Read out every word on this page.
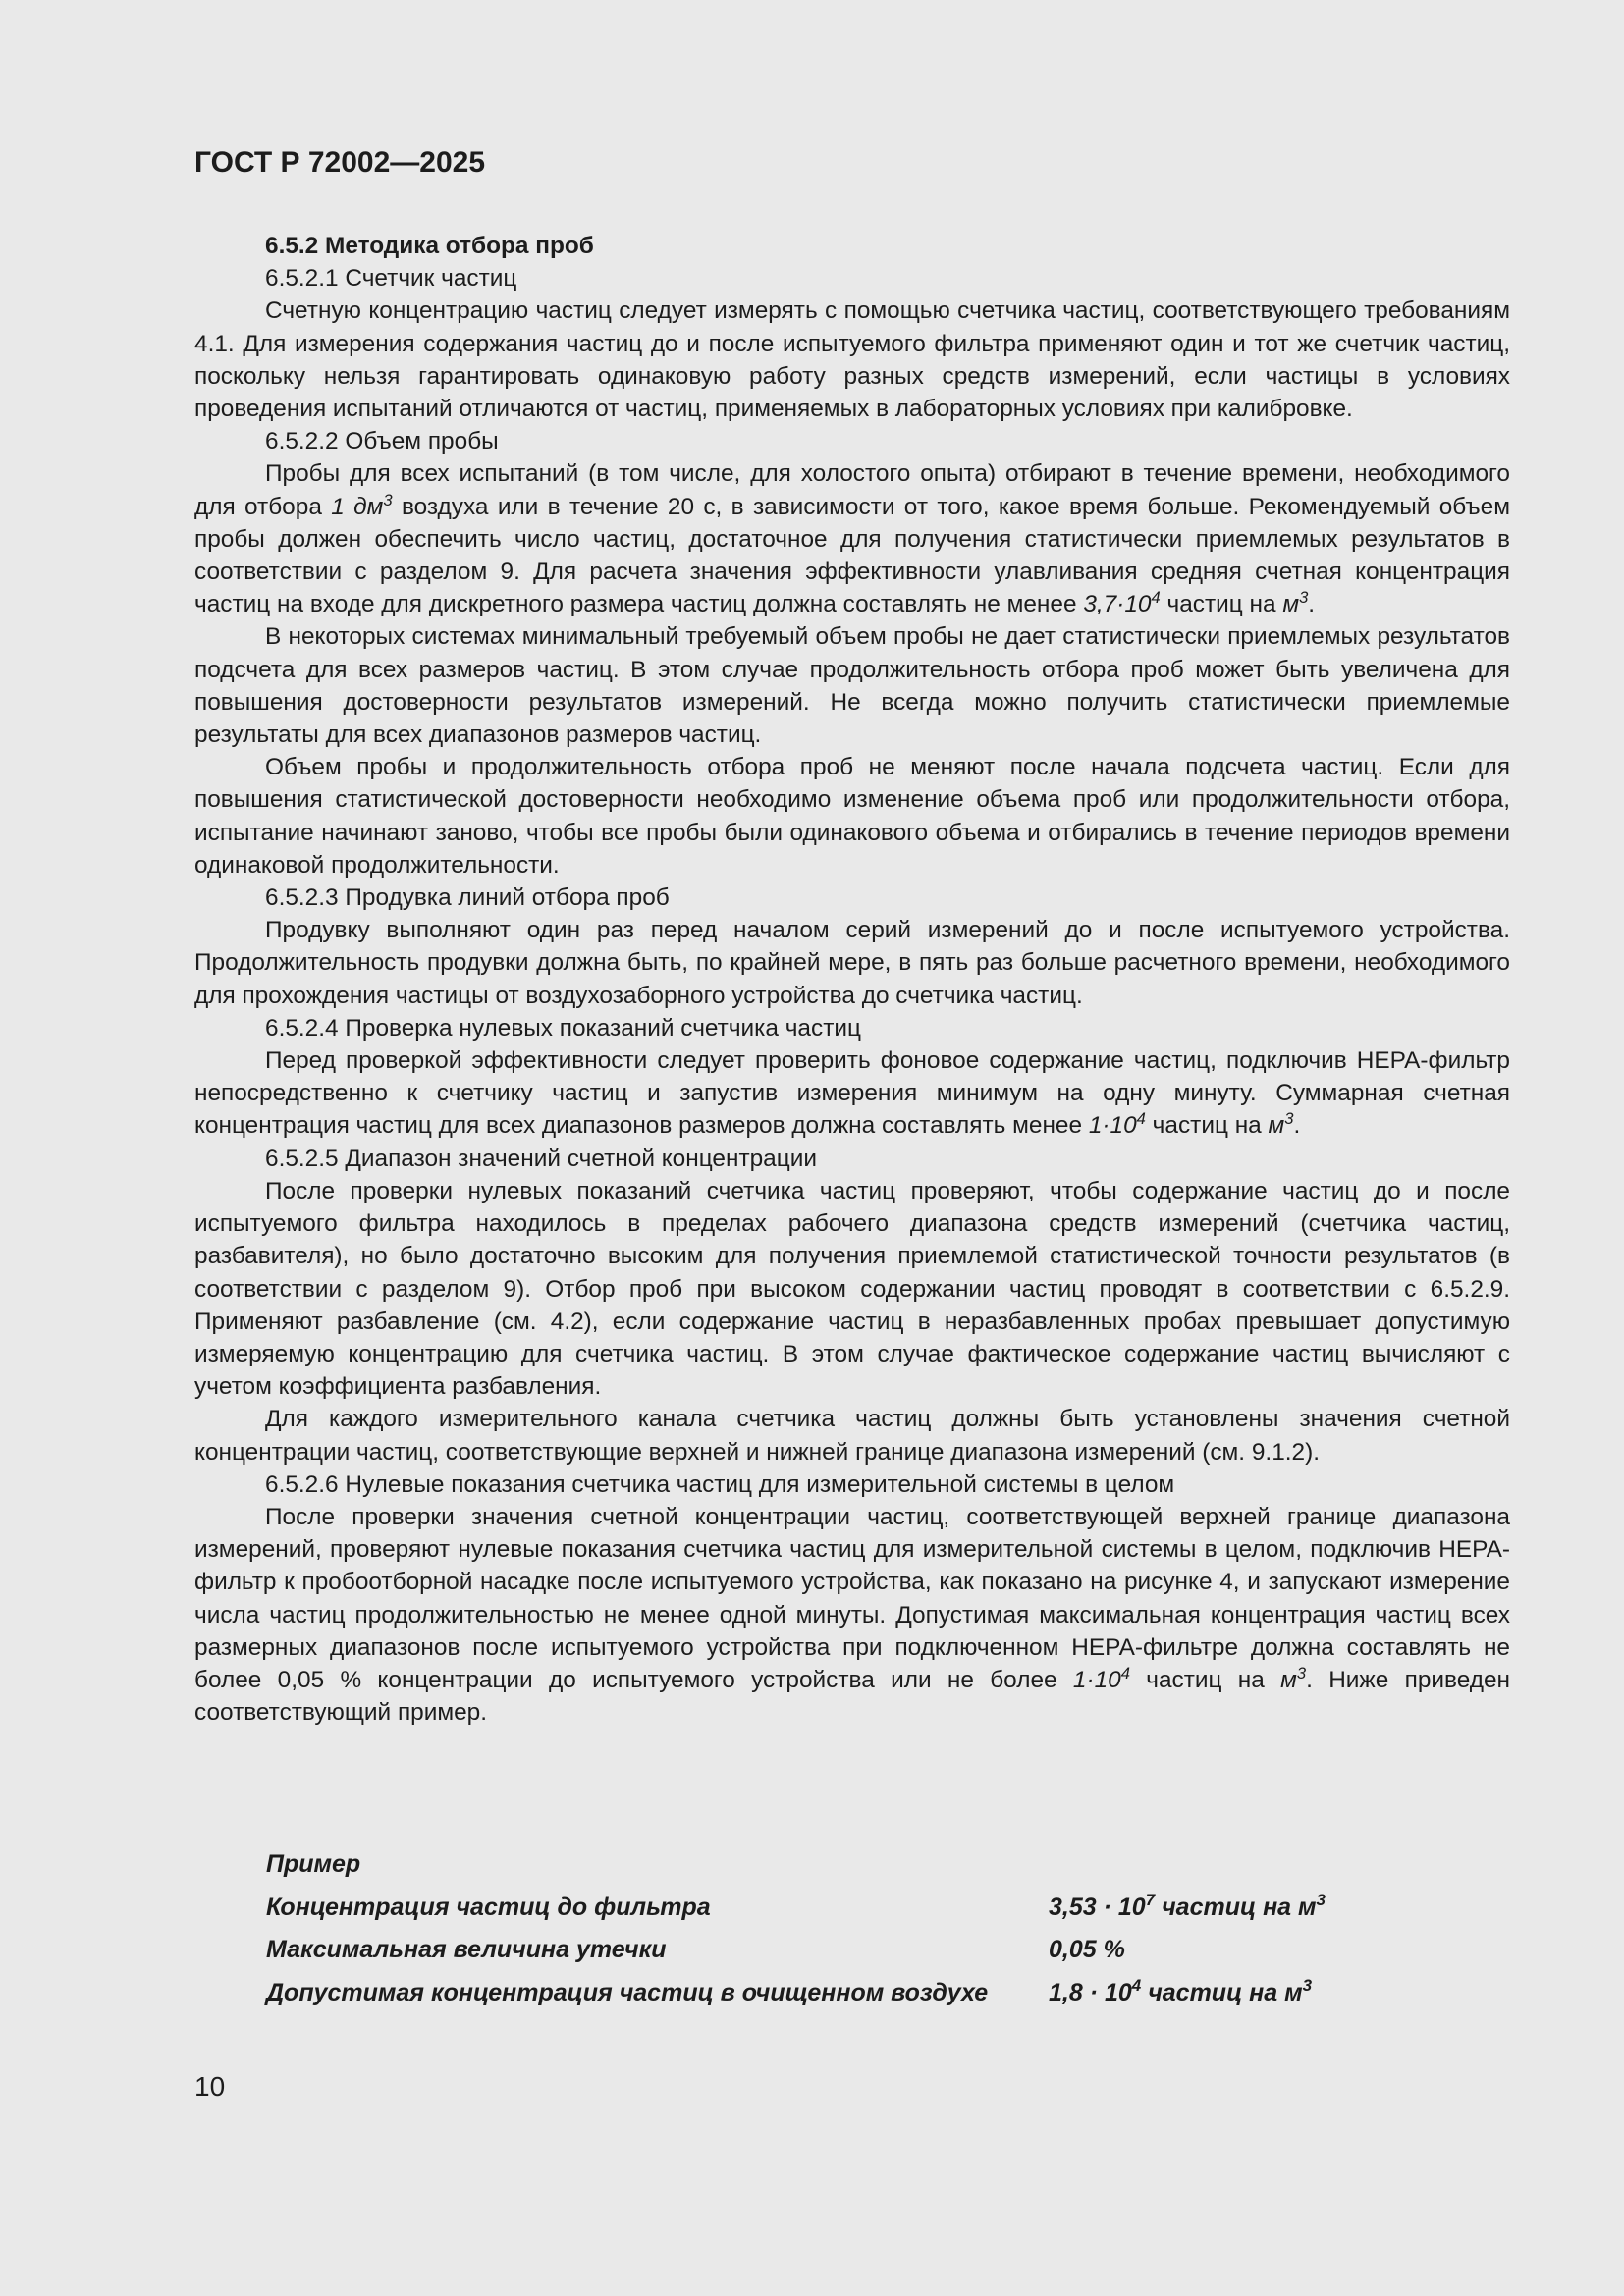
ГОСТ Р 72002—2025

6.5.2 Методика отбора проб

6.5.2.1 Счетчик частиц

Счетную концентрацию частиц следует измерять с помощью счетчика частиц, соответствующего требованиям 4.1. Для измерения содержания частиц до и после испытуемого фильтра применяют один и тот же счетчик частиц, поскольку нельзя гарантировать одинаковую работу разных средств измерений, если частицы в условиях проведения испытаний отличаются от частиц, применяемых в лабораторных условиях при калибровке.

6.5.2.2 Объем пробы

Пробы для всех испытаний (в том числе, для холостого опыта) отбирают в течение времени, необходимого для отбора 1 $дм^3$ воздуха или в течение 20 с, в зависимости от того, какое время больше. Рекомендуемый объем пробы должен обеспечить число частиц, достаточное для получения статистически приемлемых результатов в соответствии с разделом 9. Для расчета значения эффективности улавливания средняя счетная концентрация частиц на входе для дискретного размера частиц должна составлять не менее $3,7\cdot 10^4$ частиц на $м^3$.

В некоторых системах минимальный требуемый объем пробы не дает статистически приемлемых результатов подсчета для всех размеров частиц. В этом случае продолжительность отбора проб может быть увеличена для повышения достоверности результатов измерений. Не всегда можно получить статистически приемлемые результаты для всех диапазонов размеров частиц.

Объем пробы и продолжительность отбора проб не меняют после начала подсчета частиц. Если для повышения статистической достоверности необходимо изменение объема проб или продолжительности отбора, испытание начинают заново, чтобы все пробы были одинакового объема и отбирались в течение периодов времени одинаковой продолжительности.

6.5.2.3 Продувка линий отбора проб

Продувку выполняют один раз перед началом серий измерений до и после испытуемого устройства. Продолжительность продувки должна быть, по крайней мере, в пять раз больше расчетного времени, необходимого для прохождения частицы от воздухозаборного устройства до счетчика частиц.

6.5.2.4 Проверка нулевых показаний счетчика частиц

Перед проверкой эффективности следует проверить фоновое содержание частиц, подключив HEPA-фильтр непосредственно к счетчику частиц и запустив измерения минимум на одну минуту. Суммарная счетная концентрация частиц для всех диапазонов размеров должна составлять менее $1\cdot 10^4$ частиц на $м^3$.

6.5.2.5 Диапазон значений счетной концентрации

После проверки нулевых показаний счетчика частиц проверяют, чтобы содержание частиц до и после испытуемого фильтра находилось в пределах рабочего диапазона средств измерений (счетчика частиц, разбавителя), но было достаточно высоким для получения приемлемой статистической точности результатов (в соответствии с разделом 9). Отбор проб при высоком содержании частиц проводят в соответствии с 6.5.2.9. Применяют разбавление (см. 4.2), если содержание частиц в неразбавленных пробах превышает допустимую измеряемую концентрацию для счетчика частиц. В этом случае фактическое содержание частиц вычисляют с учетом коэффициента разбавления.

Для каждого измерительного канала счетчика частиц должны быть установлены значения счетной концентрации частиц, соответствующие верхней и нижней границе диапазона измерений (см. 9.1.2).

6.5.2.6 Нулевые показания счетчика частиц для измерительной системы в целом

После проверки значения счетной концентрации частиц, соответствующей верхней границе диапазона измерений, проверяют нулевые показания счетчика частиц для измерительной системы в целом, подключив HEPA-фильтр к пробоотборной насадке после испытуемого устройства, как показано на рисунке 4, и запускают измерение числа частиц продолжительностью не менее одной минуты. Допустимая максимальная концентрация частиц всех размерных диапазонов после испытуемого устройства при подключенном HEPA-фильтре должна составлять не более 0,05 % концентрации до испытуемого устройства или не более $1\cdot 10^4$ частиц на $м^3$. Ниже приведен соответствующий пример.

Пример
Концентрация частиц до фильтра	$3,53 \cdot 10^7$ частиц на $м^3$
Максимальная величина утечки	0,05 %
Допустимая концентрация частиц в очищенном воздухе $1,8 \cdot 10^4$ частиц на $м^3$
10
